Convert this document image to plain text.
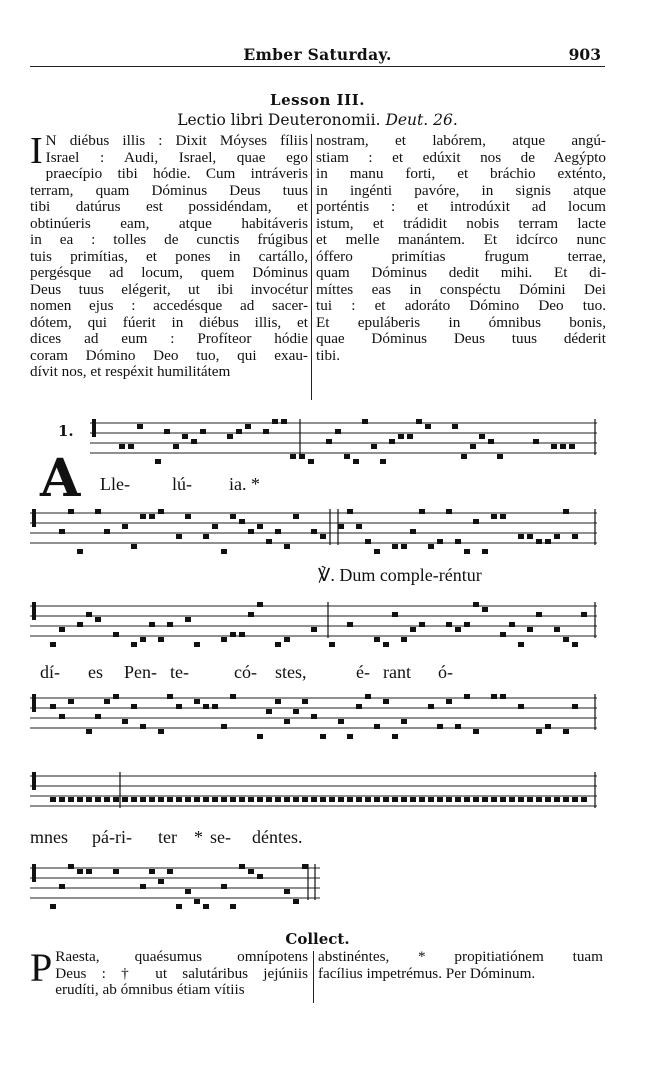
Ember Saturday.	903
Lesson III.
Lectio libri Deuteronomii. Deut. 26.
I N diébus illis : Dixit Móyses fíliis
Israel : Audi, Israel, quae ego
praecípio tibi hódie. Cum intráveris
terram, quam Dóminus Deus tuus
tibi datúrus est possidéndam, et
obtinúeris eam, atque habitáveris
in ea : tolles de cunctis frúgibus
tuis primítias, et pones in cartállo,
pergésque ad locum, quem Dóminus
Deus tuus elégerit, ut ibi invocétur
nomen ejus : accedésque ad sacer-
dótem, qui fúerit in diébus illis, et
dices ad eum : Profíteor hódie
coram Dómino Deo tuo, qui exau-
dívit nos, et respéxit humilitátem
nostram, et labórem, atque angú-
stiam : et edúxit nos de Aegýpto
in manu forti, et bráchio exténto,
in ingénti pavóre, in signis atque
porténtis : et introdúxit ad locum
istum, et trádidit nobis terram lacte
et melle manántem. Et idcírco nunc
óffero primítias frugum terrae,
quam Dóminus dedit mihi. Et di-
míttes eas in conspéctu Dómini Dei
tui : et adoráto Dómino Deo tuo.
Et epuláberis in ómnibus bonis,
quae Dóminus Deus tuus déderit
tibi.
1.
A Lle- lú- ia. *
℣. Dum comple-réntur
dí- es Pen- te-	có- stes,	é- rant ó-
mnes pá-ri- ter * se- déntes.
Collect.
P Raesta, quaésumus omnípotens
Deus : † ut salutáribus jejúniis
erudíti, ab ómnibus étiam vítiis
abstinéntes, * propitiatiónem tuam
facílius impetrémus. Per Dóminum.
